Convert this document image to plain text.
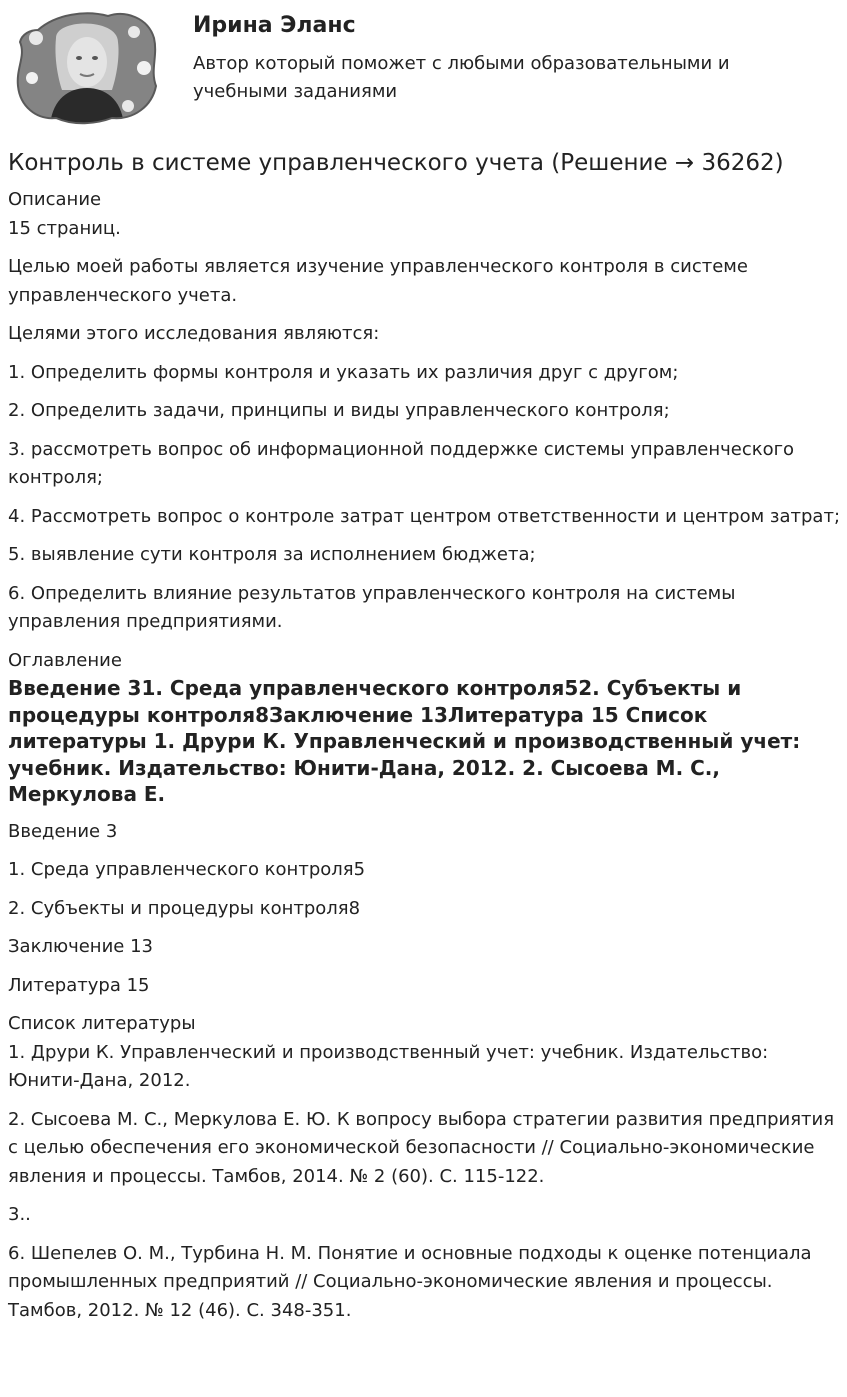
Ирина Эланс

Автор который поможет с любыми образовательными и учебными заданиями

Контроль в системе управленческого учета (Решение → 36262)

Описание

15 страниц.

Целью моей работы является изучение управленческого контроля в системе управленческого учета.

Целями этого исследования являются:

1. Определить формы контроля и указать их различия друг с другом;

2. Определить задачи, принципы и виды управленческого контроля;

3. рассмотреть вопрос об информационной поддержке системы управленческого контроля;

4. Рассмотреть вопрос о контроле затрат центром ответственности и центром затрат;

5. выявление сути контроля за исполнением бюджета;

6. Определить влияние результатов управленческого контроля на системы управления предприятиями.

Оглавление

Введение 31. Среда управленческого контроля52. Субъекты и процедуры контроля8Заключение 13Литература 15 Список литературы 1. Друри К. Управленческий и производственный учет: учебник. Издательство: Юнити-Дана, 2012. 2. Сысоева М. С., Меркулова Е.

Введение 3

1. Среда управленческого контроля5

2. Субъекты и процедуры контроля8

Заключение 13

Литература 15

Список литературы

1. Друри К. Управленческий и производственный учет: учебник. Издательство: Юнити-Дана, 2012.

2. Сысоева М. С., Меркулова Е. Ю. К вопросу выбора стратегии развития предприятия с целью обеспечения его экономической безопасности // Социально-экономические явления и процессы. Тамбов, 2014. № 2 (60). С. 115-122.

3..

6. Шепелев О. М., Турбина Н. М. Понятие и основные подходы к оценке потенциала промышленных предприятий // Социально-экономические явления и процессы. Тамбов, 2012. № 12 (46). С. 348-351.
